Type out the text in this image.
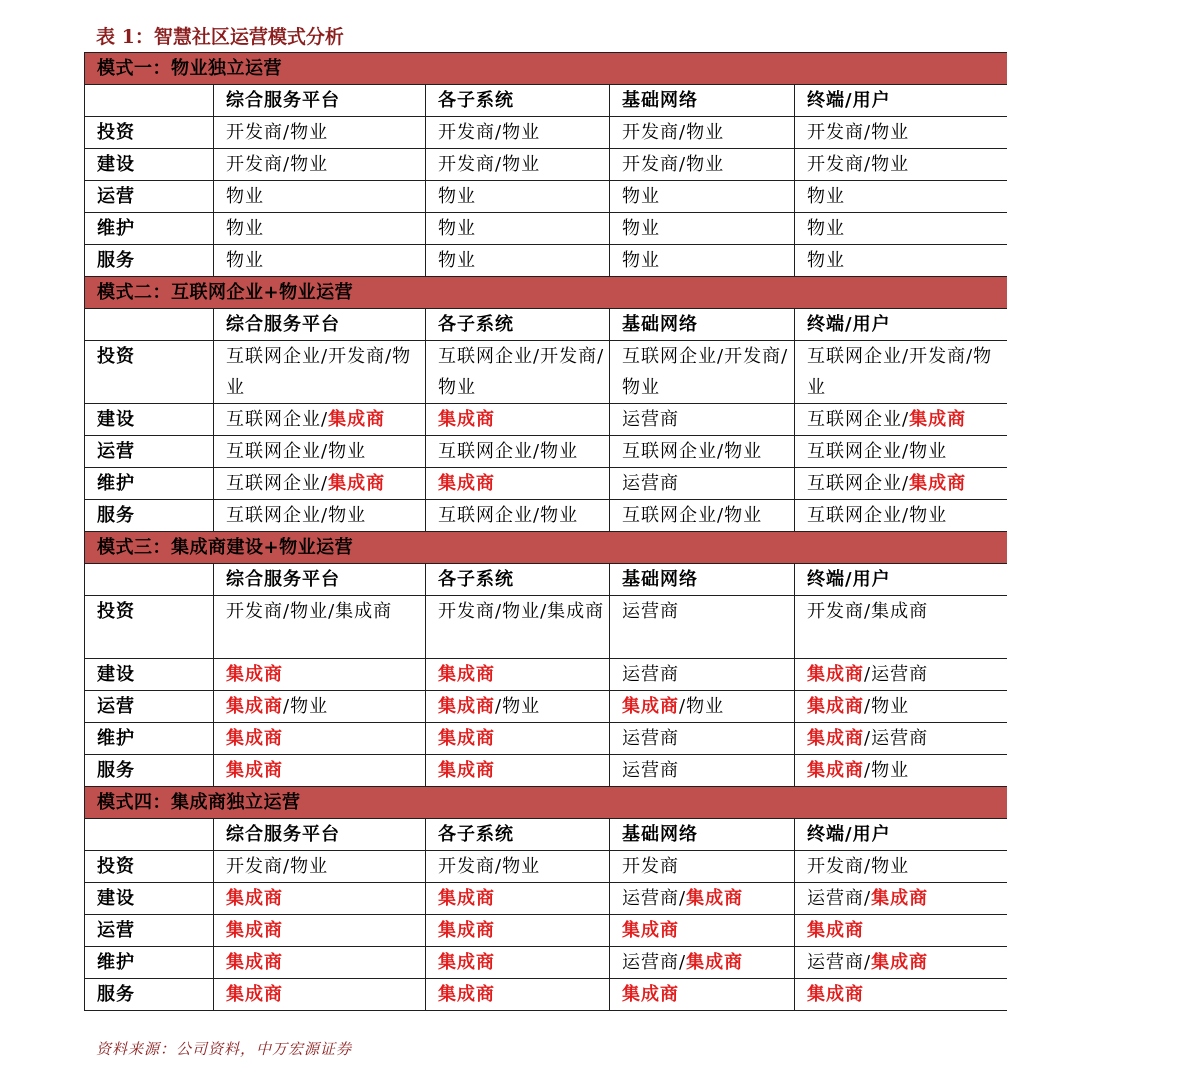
表 1：智慧社区运营模式分析
模式一：物业独立运营				
	综合服务平台	各子系统	基础网络	终端/用户
投资	开发商/物业	开发商/物业	开发商/物业	开发商/物业
建设	开发商/物业	开发商/物业	开发商/物业	开发商/物业
运营	物业	物业	物业	物业
维护	物业	物业	物业	物业
服务	物业	物业	物业	物业
模式二：互联网企业+物业运营				
	综合服务平台	各子系统	基础网络	终端/用户
投资	互联网企业/开发商/物业	互联网企业/开发商/物业	互联网企业/开发商/物业	互联网企业/开发商/物业
建设	互联网企业/集成商	集成商	运营商	互联网企业/集成商
运营	互联网企业/物业	互联网企业/物业	互联网企业/物业	互联网企业/物业
维护	互联网企业/集成商	集成商	运营商	互联网企业/集成商
服务	互联网企业/物业	互联网企业/物业	互联网企业/物业	互联网企业/物业
模式三：集成商建设+物业运营				
	综合服务平台	各子系统	基础网络	终端/用户
投资	开发商/物业/集成商	开发商/物业/集成商	运营商	开发商/集成商
建设	集成商	集成商	运营商	集成商/运营商
运营	集成商/物业	集成商/物业	集成商/物业	集成商/物业
维护	集成商	集成商	运营商	集成商/运营商
服务	集成商	集成商	运营商	集成商/物业
模式四：集成商独立运营				
	综合服务平台	各子系统	基础网络	终端/用户
投资	开发商/物业	开发商/物业	开发商	开发商/物业
建设	集成商	集成商	运营商/集成商	运营商/集成商
运营	集成商	集成商	集成商	集成商
维护	集成商	集成商	运营商/集成商	运营商/集成商
服务	集成商	集成商	集成商	集成商
资料来源：公司资料，中万宏源证券
